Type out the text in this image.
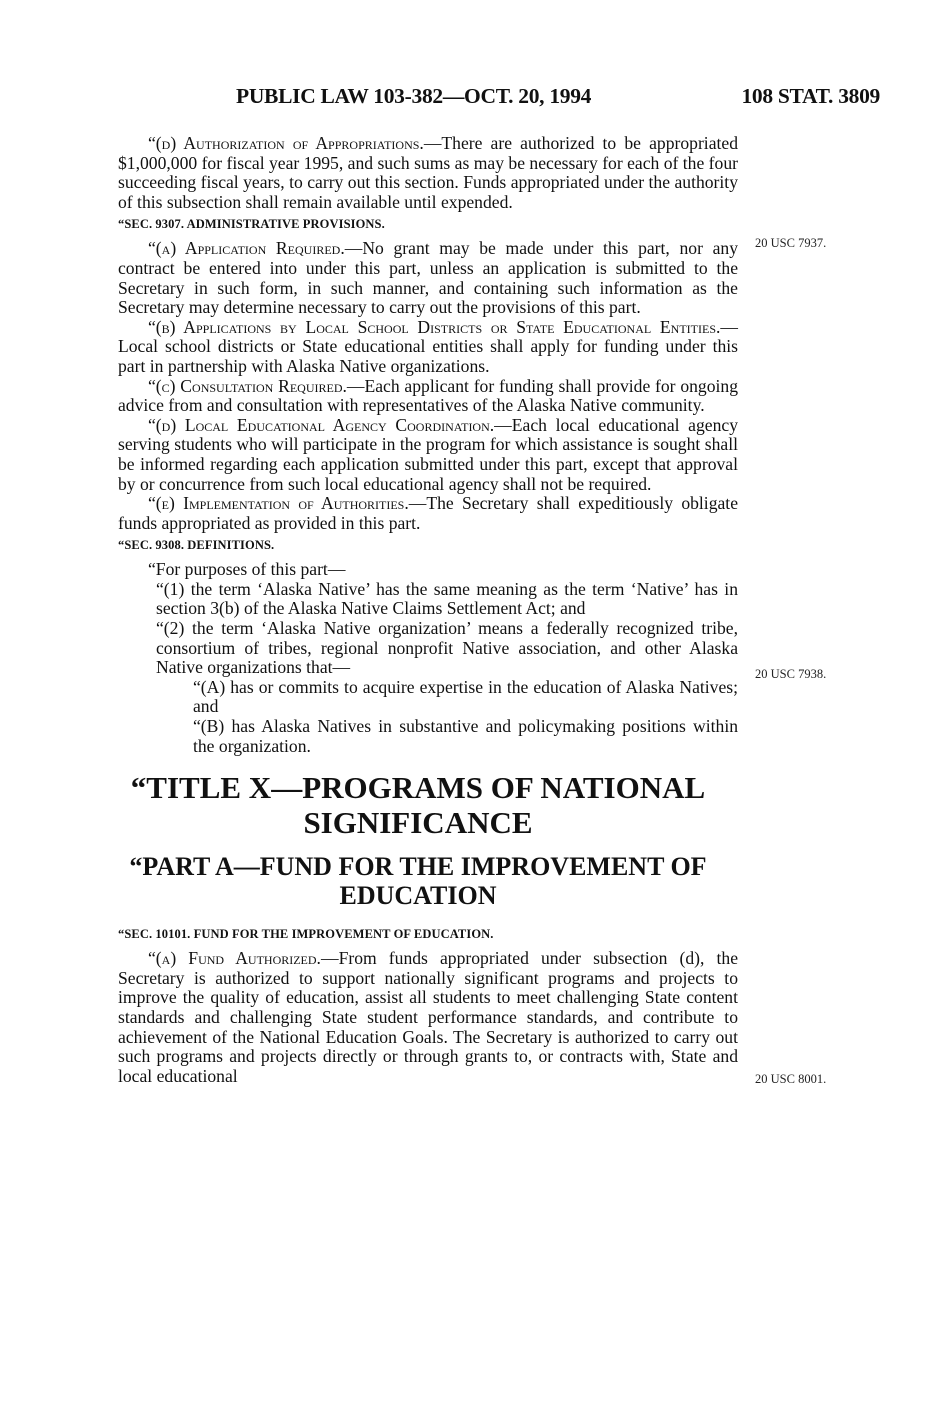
PUBLIC LAW 103-382—OCT. 20, 1994	108 STAT. 3809
20 USC 7937.
20 USC 7938.
20 USC 8001.

“(d) Authorization of Appropriations.—There are authorized to be appropriated $1,000,000 for fiscal year 1995, and such sums as may be necessary for each of the four succeeding fiscal years, to carry out this section. Funds appropriated under the authority of this subsection shall remain available until expended.

“SEC. 9307. ADMINISTRATIVE PROVISIONS.

“(a) Application Required.—No grant may be made under this part, nor any contract be entered into under this part, unless an application is submitted to the Secretary in such form, in such manner, and containing such information as the Secretary may determine necessary to carry out the provisions of this part.

“(b) Applications by Local School Districts or State Educational Entities.—Local school districts or State educational entities shall apply for funding under this part in partnership with Alaska Native organizations.

“(c) Consultation Required.—Each applicant for funding shall provide for ongoing advice from and consultation with representatives of the Alaska Native community.

“(d) Local Educational Agency Coordination.—Each local educational agency serving students who will participate in the program for which assistance is sought shall be informed regarding each application submitted under this part, except that approval by or concurrence from such local educational agency shall not be required.

“(e) Implementation of Authorities.—The Secretary shall expeditiously obligate funds appropriated as provided in this part.

“SEC. 9308. DEFINITIONS.

“For purposes of this part—

“(1) the term ‘Alaska Native’ has the same meaning as the term ‘Native’ has in section 3(b) of the Alaska Native Claims Settlement Act; and

“(2) the term ‘Alaska Native organization’ means a federally recognized tribe, consortium of tribes, regional nonprofit Native association, and other Alaska Native organizations that—

“(A) has or commits to acquire expertise in the education of Alaska Natives; and

“(B) has Alaska Natives in substantive and policymaking positions within the organization.

“TITLE X—PROGRAMS OF NATIONAL SIGNIFICANCE

“PART A—FUND FOR THE IMPROVEMENT OF EDUCATION

“SEC. 10101. FUND FOR THE IMPROVEMENT OF EDUCATION.

“(a) Fund Authorized.—From funds appropriated under subsection (d), the Secretary is authorized to support nationally significant programs and projects to improve the quality of education, assist all students to meet challenging State content standards and challenging State student performance standards, and contribute to achievement of the National Education Goals. The Secretary is authorized to carry out such programs and projects directly or through grants to, or contracts with, State and local educational
